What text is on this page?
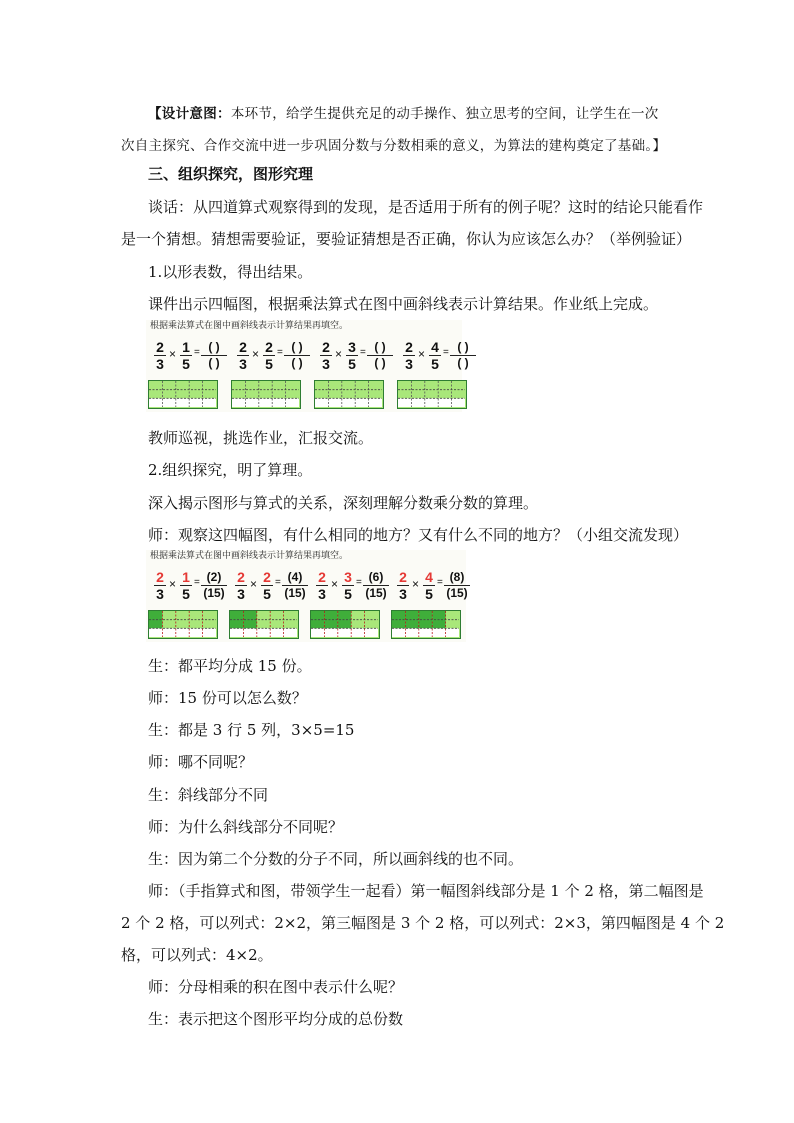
【设计意图：本环节，给学生提供充足的动手操作、独立思考的空间，让学生在一次
次自主探究、合作交流中进一步巩固分数与分数相乘的意义，为算法的建构奠定了基础。】
三、组织探究，图形究理
谈话：从四道算式观察得到的发现，是否适用于所有的例子呢？这时的结论只能看作
是一个猜想。猜想需要验证，要验证猜想是否正确，你认为应该怎么办？（举例验证）
1.以形表数，得出结果。
课件出示四幅图，根据乘法算式在图中画斜线表示计算结果。作业纸上完成。
根据乘法算式在图中画斜线表示计算结果再填空。
2
3
× 1
5
= ( )
( )
2
3
× 2
5
= ( )
( )
2
3
× 3
5
= ( )
( )
2
3
× 4
5
= ( )
( )
教师巡视，挑选作业，汇报交流。
2.组织探究，明了算理。
深入揭示图形与算式的关系，深刻理解分数乘分数的算理。
师：观察这四幅图，有什么相同的地方？又有什么不同的地方？（小组交流发现）
根据乘法算式在图中画斜线表示计算结果再填空。
2
3
× 1
5
= (2)
(15)
2
3
× 2
5
= (4)
(15)
2
3
× 3
5
= (6)
(15)
2
3
× 4
5
= (8)
(15)
生：都平均分成 15 份。
师：15 份可以怎么数？
生：都是 3 行 5 列，3×5=15
师：哪不同呢？
生：斜线部分不同
师：为什么斜线部分不同呢？
生：因为第二个分数的分子不同，所以画斜线的也不同。
师：（手指算式和图，带领学生一起看）第一幅图斜线部分是 1 个 2 格，第二幅图是
2 个 2 格，可以列式：2×2，第三幅图是 3 个 2 格，可以列式：2×3，第四幅图是 4 个 2
格，可以列式：4×2。
师：分母相乘的积在图中表示什么呢？
生：表示把这个图形平均分成的总份数
